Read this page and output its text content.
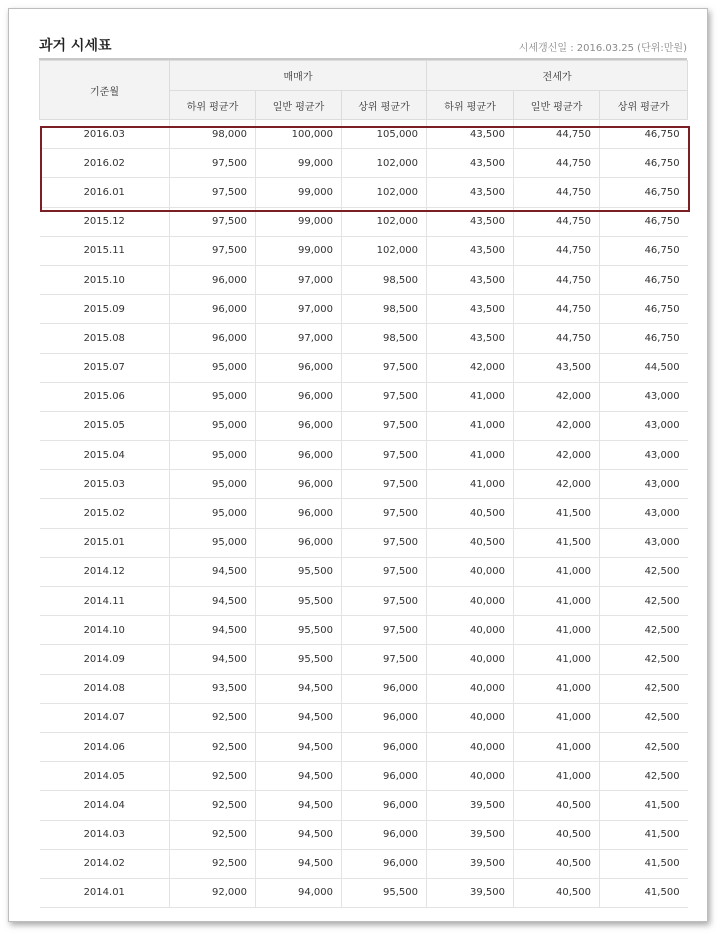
과거 시세표	시세갱신일 : 2016.03.25 (단위:만원)
기준월	매매가			전세가		
	하위 평균가	일반 평균가	상위 평균가	하위 평균가	일반 평균가	상위 평균가
2016.03	98,000	100,000	105,000	43,500	44,750	46,750
2016.02	97,500	99,000	102,000	43,500	44,750	46,750
2016.01	97,500	99,000	102,000	43,500	44,750	46,750
2015.12	97,500	99,000	102,000	43,500	44,750	46,750
2015.11	97,500	99,000	102,000	43,500	44,750	46,750
2015.10	96,000	97,000	98,500	43,500	44,750	46,750
2015.09	96,000	97,000	98,500	43,500	44,750	46,750
2015.08	96,000	97,000	98,500	43,500	44,750	46,750
2015.07	95,000	96,000	97,500	42,000	43,500	44,500
2015.06	95,000	96,000	97,500	41,000	42,000	43,000
2015.05	95,000	96,000	97,500	41,000	42,000	43,000
2015.04	95,000	96,000	97,500	41,000	42,000	43,000
2015.03	95,000	96,000	97,500	41,000	42,000	43,000
2015.02	95,000	96,000	97,500	40,500	41,500	43,000
2015.01	95,000	96,000	97,500	40,500	41,500	43,000
2014.12	94,500	95,500	97,500	40,000	41,000	42,500
2014.11	94,500	95,500	97,500	40,000	41,000	42,500
2014.10	94,500	95,500	97,500	40,000	41,000	42,500
2014.09	94,500	95,500	97,500	40,000	41,000	42,500
2014.08	93,500	94,500	96,000	40,000	41,000	42,500
2014.07	92,500	94,500	96,000	40,000	41,000	42,500
2014.06	92,500	94,500	96,000	40,000	41,000	42,500
2014.05	92,500	94,500	96,000	40,000	41,000	42,500
2014.04	92,500	94,500	96,000	39,500	40,500	41,500
2014.03	92,500	94,500	96,000	39,500	40,500	41,500
2014.02	92,500	94,500	96,000	39,500	40,500	41,500
2014.01	92,000	94,000	95,500	39,500	40,500	41,500
